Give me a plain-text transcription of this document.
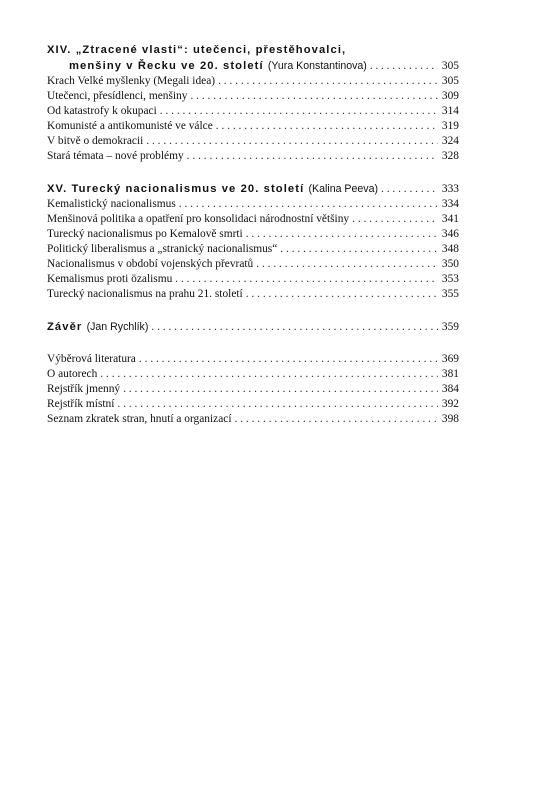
XIV. „Ztracené vlasti“: utečenci, přestěhovalci,
menšiny v Řecku ve 20. století (Yura Konstantinova) . . .	305
Krach Velké myšlenky (Megali idea) . . .	305
Utečenci, přesídlenci, menšiny . . .	309
Od katastrofy k okupaci . . .	314
Komunisté a antikomunisté ve válce . . .	319
V bitvě o demokracii . . .	324
Stará témata – nové problémy . . .	328
XV. Turecký nacionalismus ve 20. století (Kalina Peeva) . . .	333
Kemalistický nacionalismus . . .	334
Menšinová politika a opatření pro konsolidaci národnostní většiny . . .	341
Turecký nacionalismus po Kemalově smrti . . .	346
Politický liberalismus a „stranický nacionalismus“ . . .	348
Nacionalismus v období vojenských převratů . . .	350
Kemalismus proti özalismu . . .	353
Turecký nacionalismus na prahu 21. století . . .	355
Závěr (Jan Rychlík) . . .	359
Výběrová literatura . . .	369
O autorech . . .	381
Rejstřík jmenný . . .	384
Rejstřík místní . . .	392
Seznam zkratek stran, hnutí a organizací . . .	398
